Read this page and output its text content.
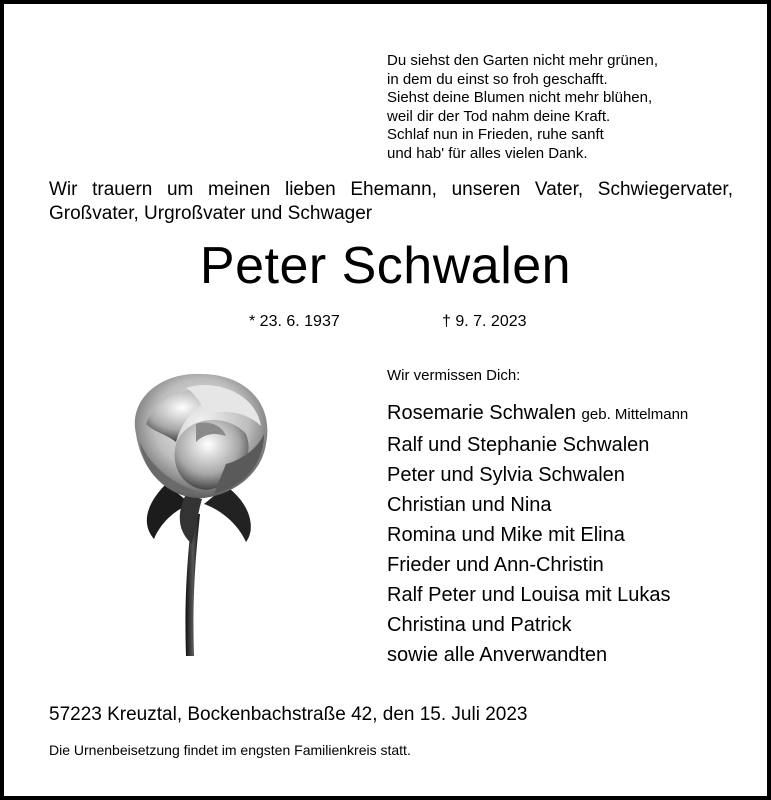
Du siehst den Garten nicht mehr grünen,
in dem du einst so froh geschafft.
Siehst deine Blumen nicht mehr blühen,
weil dir der Tod nahm deine Kraft.
Schlaf nun in Frieden, ruhe sanft
und hab' für alles vielen Dank.
Wir trauern um meinen lieben Ehemann, unseren Vater, Schwiegervater, Großvater, Urgroßvater und Schwager
Peter Schwalen
* 23. 6. 1937	† 9. 7. 2023
Wir vermissen Dich:
Rosemarie Schwalen geb. Mittelmann
Ralf und Stephanie Schwalen
Peter und Sylvia Schwalen
Christian und Nina
Romina und Mike mit Elina
Frieder und Ann-Christin
Ralf Peter und Louisa mit Lukas
Christina und Patrick
sowie alle Anverwandten
57223 Kreuztal, Bockenbachstraße 42, den 15. Juli 2023
Die Urnenbeisetzung findet im engsten Familienkreis statt.
